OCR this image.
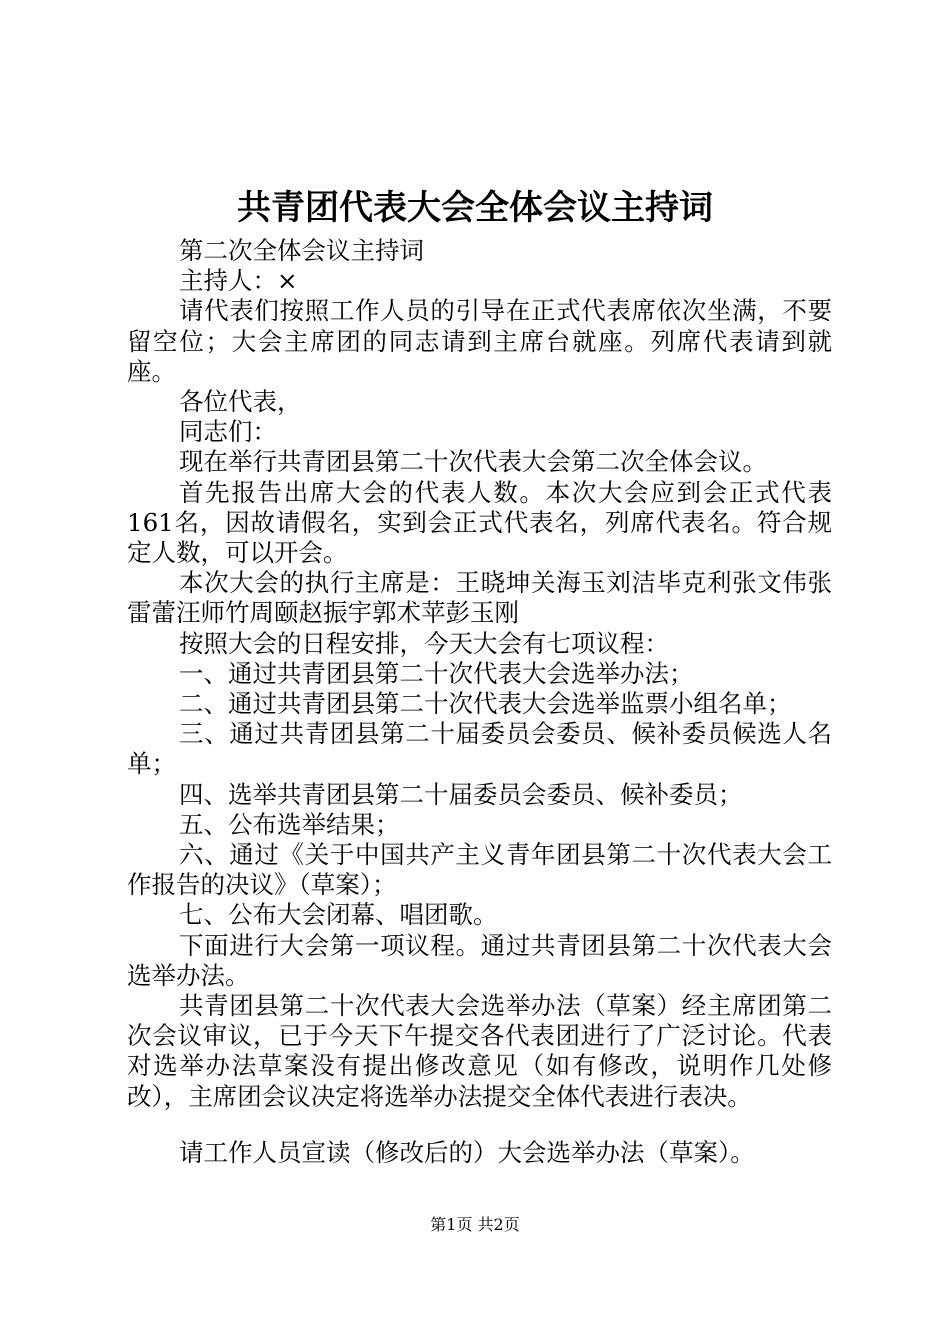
共青团代表大会全体会议主持词

第二次全体会议主持词

主持人：×

请代表们按照工作人员的引导在正式代表席依次坐满，不要留空位；大会主席团的同志请到主席台就座。列席代表请到就座。

各位代表，

同志们：

现在举行共青团县第二十次代表大会第二次全体会议。

首先报告出席大会的代表人数。本次大会应到会正式代表161名，因故请假名，实到会正式代表名，列席代表名。符合规定人数，可以开会。

本次大会的执行主席是：王晓坤关海玉刘洁毕克利张文伟张雷蕾汪师竹周颐赵振宇郭术苹彭玉刚

按照大会的日程安排，今天大会有七项议程：

一、通过共青团县第二十次代表大会选举办法；

二、通过共青团县第二十次代表大会选举监票小组名单；

三、通过共青团县第二十届委员会委员、候补委员候选人名单；

四、选举共青团县第二十届委员会委员、候补委员；

五、公布选举结果；

六、通过《关于中国共产主义青年团县第二十次代表大会工作报告的决议》（草案）；

七、公布大会闭幕、唱团歌。

下面进行大会第一项议程。通过共青团县第二十次代表大会选举办法。

共青团县第二十次代表大会选举办法（草案）经主席团第二次会议审议，已于今天下午提交各代表团进行了广泛讨论。代表对选举办法草案没有提出修改意见（如有修改，说明作几处修改），主席团会议决定将选举办法提交全体代表进行表决。

请工作人员宣读（修改后的）大会选举办法（草案）。

第1页 共2页
